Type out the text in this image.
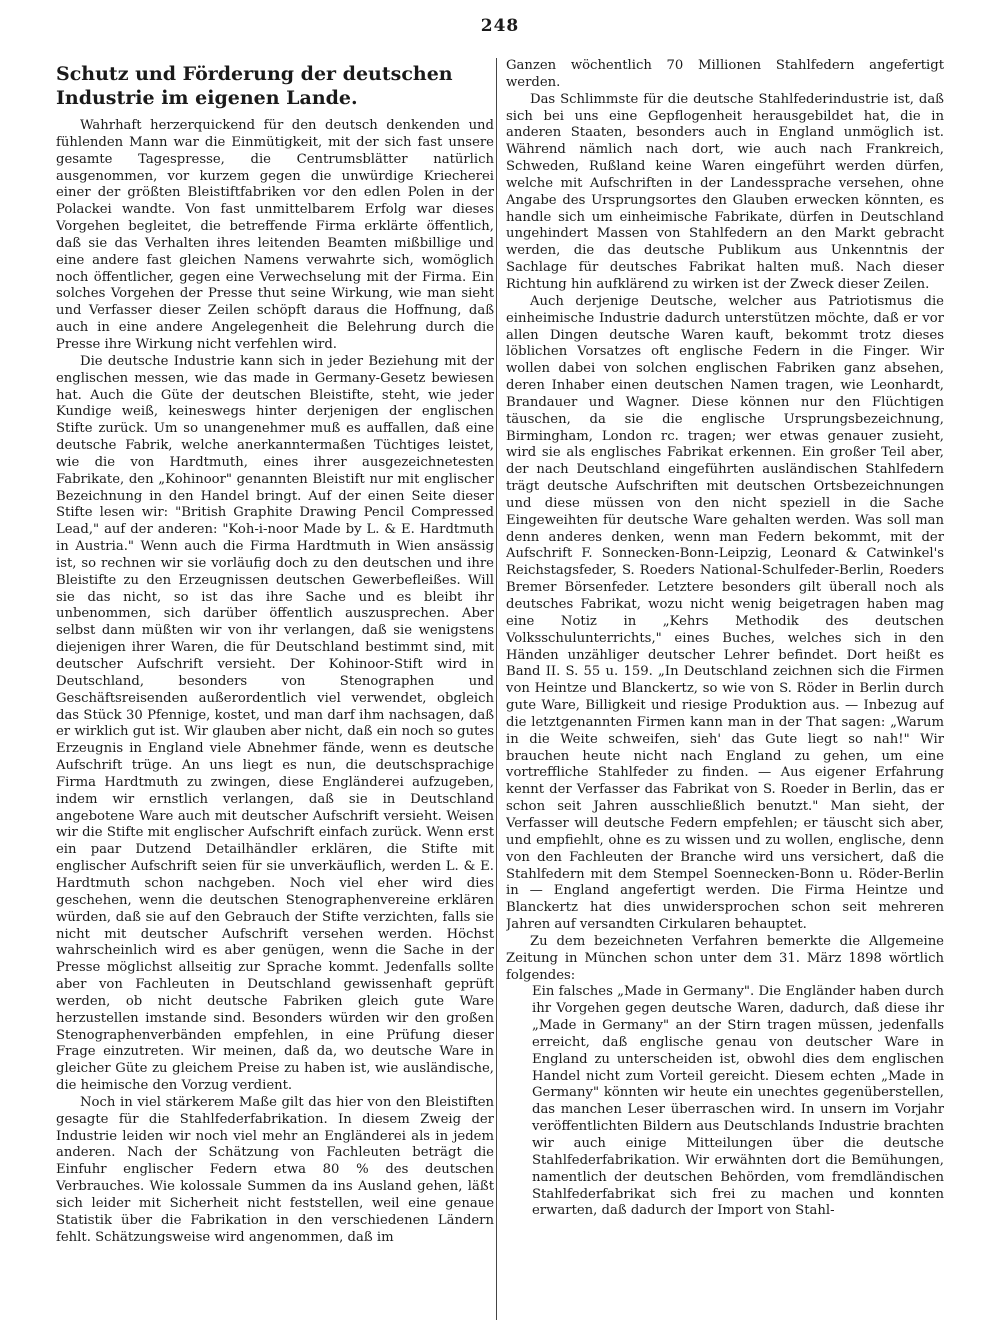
248
Schutz und Förderung der deutschen Industrie im eigenen Lande.

Wahrhaft herzerquickend für den deutsch denkenden und fühlenden Mann war die Einmütigkeit, mit der sich fast unsere gesamte Tagespresse, die Centrumsblätter natürlich ausgenommen, vor kurzem gegen die unwürdige Kriecherei einer der größten Bleistiftfabriken vor den edlen Polen in der Polackei wandte. Von fast unmittelbarem Erfolg war dieses Vorgehen begleitet, die betreffende Firma erklärte öffentlich, daß sie das Verhalten ihres leitenden Beamten mißbillige und eine andere fast gleichen Namens verwahrte sich, womöglich noch öffentlicher, gegen eine Verwechselung mit der Firma. Ein solches Vorgehen der Presse thut seine Wirkung, wie man sieht und Verfasser dieser Zeilen schöpft daraus die Hoffnung, daß auch in eine andere Angelegenheit die Belehrung durch die Presse ihre Wirkung nicht verfehlen wird.

Die deutsche Industrie kann sich in jeder Beziehung mit der englischen messen, wie das made in Germany-Gesetz bewiesen hat. Auch die Güte der deutschen Bleistifte, steht, wie jeder Kundige weiß, keineswegs hinter derjenigen der englischen Stifte zurück. Um so unangenehmer muß es auffallen, daß eine deutsche Fabrik, welche anerkanntermaßen Tüchtiges leistet, wie die von Hardtmuth, eines ihrer ausgezeichnetesten Fabrikate, den „Kohinoor" genannten Bleistift nur mit englischer Bezeichnung in den Handel bringt. Auf der einen Seite dieser Stifte lesen wir: "British Graphite Drawing Pencil Compressed Lead," auf der anderen: "Koh-i-noor Made by L. & E. Hardtmuth in Austria." Wenn auch die Firma Hardtmuth in Wien ansässig ist, so rechnen wir sie vorläufig doch zu den deutschen und ihre Bleistifte zu den Erzeugnissen deutschen Gewerbefleißes. Will sie das nicht, so ist das ihre Sache und es bleibt ihr unbenommen, sich darüber öffentlich auszusprechen. Aber selbst dann müßten wir von ihr verlangen, daß sie wenigstens diejenigen ihrer Waren, die für Deutschland bestimmt sind, mit deutscher Aufschrift versieht. Der Kohinoor-Stift wird in Deutschland, besonders von Stenographen und Geschäftsreisenden außerordentlich viel verwendet, obgleich das Stück 30 Pfennige, kostet, und man darf ihm nachsagen, daß er wirklich gut ist. Wir glauben aber nicht, daß ein noch so gutes Erzeugnis in England viele Abnehmer fände, wenn es deutsche Aufschrift trüge. An uns liegt es nun, die deutschsprachige Firma Hardtmuth zu zwingen, diese Engländerei aufzugeben, indem wir ernstlich verlangen, daß sie in Deutschland angebotene Ware auch mit deutscher Aufschrift versieht. Weisen wir die Stifte mit englischer Aufschrift einfach zurück. Wenn erst ein paar Dutzend Detailhändler erklären, die Stifte mit englischer Aufschrift seien für sie unverkäuflich, werden L. & E. Hardtmuth schon nachgeben. Noch viel eher wird dies geschehen, wenn die deutschen Stenographenvereine erklären würden, daß sie auf den Gebrauch der Stifte verzichten, falls sie nicht mit deutscher Aufschrift versehen werden. Höchst wahrscheinlich wird es aber genügen, wenn die Sache in der Presse möglichst allseitig zur Sprache kommt. Jedenfalls sollte aber von Fachleuten in Deutschland gewissenhaft geprüft werden, ob nicht deutsche Fabriken gleich gute Ware herzustellen imstande sind. Besonders würden wir den großen Stenographenverbänden empfehlen, in eine Prüfung dieser Frage einzutreten. Wir meinen, daß da, wo deutsche Ware in gleicher Güte zu gleichem Preise zu haben ist, wie ausländische, die heimische den Vorzug verdient.

Noch in viel stärkerem Maße gilt das hier von den Bleistiften gesagte für die Stahlfederfabrikation. In diesem Zweig der Industrie leiden wir noch viel mehr an Engländerei als in jedem anderen. Nach der Schätzung von Fachleuten beträgt die Einfuhr englischer Federn etwa 80 % des deutschen Verbrauches. Wie kolossale Summen da ins Ausland gehen, läßt sich leider mit Sicherheit nicht feststellen, weil eine genaue Statistik über die Fabrikation in den verschiedenen Ländern fehlt. Schätzungsweise wird angenommen, daß im

Ganzen wöchentlich 70 Millionen Stahlfedern angefertigt werden.

Das Schlimmste für die deutsche Stahlfederindustrie ist, daß sich bei uns eine Gepflogenheit herausgebildet hat, die in anderen Staaten, besonders auch in England unmöglich ist. Während nämlich nach dort, wie auch nach Frankreich, Schweden, Rußland keine Waren eingeführt werden dürfen, welche mit Aufschriften in der Landessprache versehen, ohne Angabe des Ursprungsortes den Glauben erwecken könnten, es handle sich um einheimische Fabrikate, dürfen in Deutschland ungehindert Massen von Stahlfedern an den Markt gebracht werden, die das deutsche Publikum aus Unkenntnis der Sachlage für deutsches Fabrikat halten muß. Nach dieser Richtung hin aufklärend zu wirken ist der Zweck dieser Zeilen.

Auch derjenige Deutsche, welcher aus Patriotismus die einheimische Industrie dadurch unterstützen möchte, daß er vor allen Dingen deutsche Waren kauft, bekommt trotz dieses löblichen Vorsatzes oft englische Federn in die Finger. Wir wollen dabei von solchen englischen Fabriken ganz absehen, deren Inhaber einen deutschen Namen tragen, wie Leonhardt, Brandauer und Wagner. Diese können nur den Flüchtigen täuschen, da sie die englische Ursprungsbezeichnung, Birmingham, London rc. tragen; wer etwas genauer zusieht, wird sie als englisches Fabrikat erkennen. Ein großer Teil aber, der nach Deutschland eingeführten ausländischen Stahlfedern trägt deutsche Aufschriften mit deutschen Ortsbezeichnungen und diese müssen von den nicht speziell in die Sache Eingeweihten für deutsche Ware gehalten werden. Was soll man denn anderes denken, wenn man Federn bekommt, mit der Aufschrift F. Sonnecken-Bonn-Leipzig, Leonard & Catwinkel's Reichstagsfeder, S. Roeders National-Schulfeder-Berlin, Roeders Bremer Börsenfeder. Letztere besonders gilt überall noch als deutsches Fabrikat, wozu nicht wenig beigetragen haben mag eine Notiz in „Kehrs Methodik des deutschen Volksschulunterrichts," eines Buches, welches sich in den Händen unzähliger deutscher Lehrer befindet. Dort heißt es Band II. S. 55 u. 159. „In Deutschland zeichnen sich die Firmen von Heintze und Blanckertz, so wie von S. Röder in Berlin durch gute Ware, Billigkeit und riesige Produktion aus. — Inbezug auf die letztgenannten Firmen kann man in der That sagen: „Warum in die Weite schweifen, sieh' das Gute liegt so nah!" Wir brauchen heute nicht nach England zu gehen, um eine vortreffliche Stahlfeder zu finden. — Aus eigener Erfahrung kennt der Verfasser das Fabrikat von S. Roeder in Berlin, das er schon seit Jahren ausschließlich benutzt." Man sieht, der Verfasser will deutsche Federn empfehlen; er täuscht sich aber, und empfiehlt, ohne es zu wissen und zu wollen, englische, denn von den Fachleuten der Branche wird uns versichert, daß die Stahlfedern mit dem Stempel Soennecken-Bonn u. Röder-Berlin in — England angefertigt werden. Die Firma Heintze und Blanckertz hat dies unwidersprochen schon seit mehreren Jahren auf versandten Cirkularen behauptet.

Zu dem bezeichneten Verfahren bemerkte die Allgemeine Zeitung in München schon unter dem 31. März 1898 wörtlich folgendes:

Ein falsches „Made in Germany". Die Engländer haben durch ihr Vorgehen gegen deutsche Waren, dadurch, daß diese ihr „Made in Germany" an der Stirn tragen müssen, jedenfalls erreicht, daß englische genau von deutscher Ware in England zu unterscheiden ist, obwohl dies dem englischen Handel nicht zum Vorteil gereicht. Diesem echten „Made in Germany" könnten wir heute ein unechtes gegenüberstellen, das manchen Leser überraschen wird. In unsern im Vorjahr veröffentlichten Bildern aus Deutschlands Industrie brachten wir auch einige Mitteilungen über die deutsche Stahlfederfabrikation. Wir erwähnten dort die Bemühungen, namentlich der deutschen Behörden, vom fremdländischen Stahlfederfabrikat sich frei zu machen und konnten erwarten, daß dadurch der Import von Stahl-
